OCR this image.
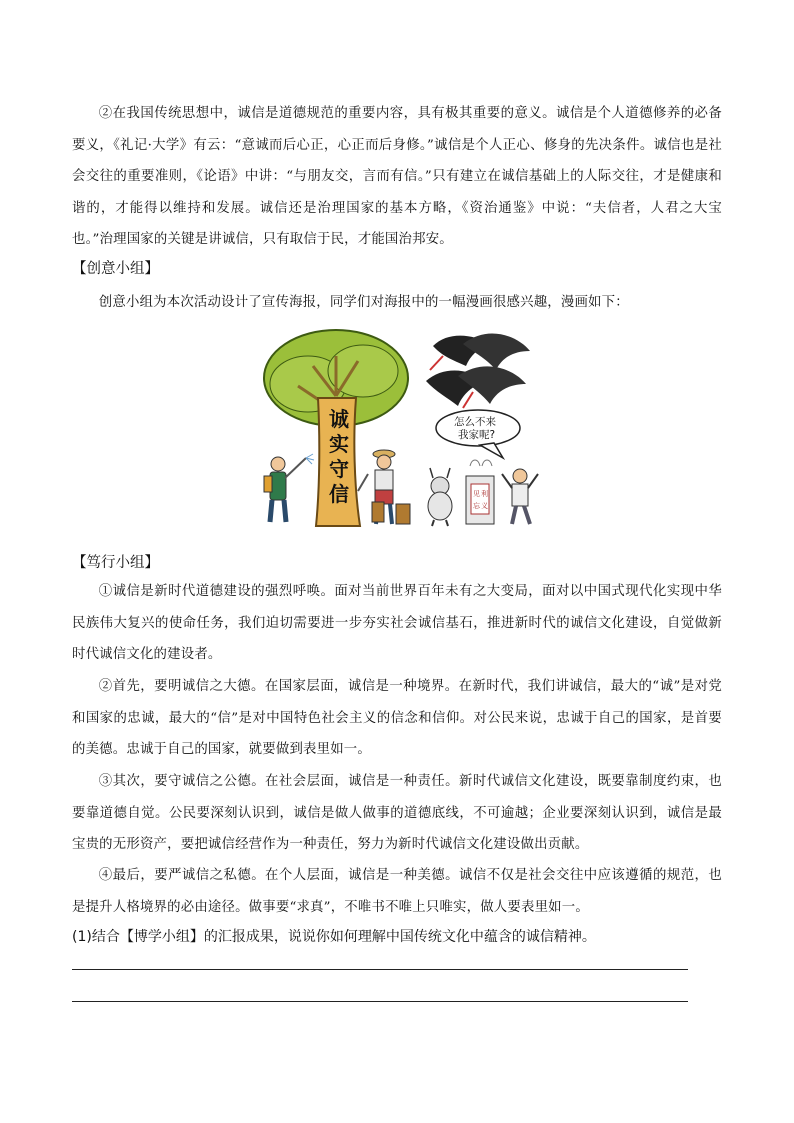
②在我国传统思想中，诚信是道德规范的重要内容，具有极其重要的意义。诚信是个人道德修养的必备要义，《礼记·大学》有云：“意诚而后心正，心正而后身修。”诚信是个人正心、修身的先决条件。诚信也是社会交往的重要准则，《论语》中讲：“与朋友交，言而有信。”只有建立在诚信基础上的人际交往，才是健康和谐的，才能得以维持和发展。诚信还是治理国家的基本方略，《资治通鉴》中说：“夫信者，人君之大宝也。”治理国家的关键是讲诚信，只有取信于民，才能国治邦安。

【创意小组】

创意小组为本次活动设计了宣传海报，同学们对海报中的一幅漫画很感兴趣，漫画如下：

诚
实
守
信
怎么不来
我家呢?
见 利
忘 义
【笃行小组】

①诚信是新时代道德建设的强烈呼唤。面对当前世界百年未有之大变局，面对以中国式现代化实现中华民族伟大复兴的使命任务，我们迫切需要进一步夯实社会诚信基石，推进新时代的诚信文化建设，自觉做新时代诚信文化的建设者。

②首先，要明诚信之大德。在国家层面，诚信是一种境界。在新时代，我们讲诚信，最大的“诚”是对党和国家的忠诚，最大的“信”是对中国特色社会主义的信念和信仰。对公民来说，忠诚于自己的国家，是首要的美德。忠诚于自己的国家，就要做到表里如一。

③其次，要守诚信之公德。在社会层面，诚信是一种责任。新时代诚信文化建设，既要靠制度约束，也要靠道德自觉。公民要深刻认识到，诚信是做人做事的道德底线，不可逾越；企业要深刻认识到，诚信是最宝贵的无形资产，要把诚信经营作为一种责任，努力为新时代诚信文化建设做出贡献。

④最后，要严诚信之私德。在个人层面，诚信是一种美德。诚信不仅是社会交往中应该遵循的规范，也是提升人格境界的必由途径。做事要“求真”，不唯书不唯上只唯实，做人要表里如一。

(1)结合【博学小组】的汇报成果，说说你如何理解中国传统文化中蕴含的诚信精神。
